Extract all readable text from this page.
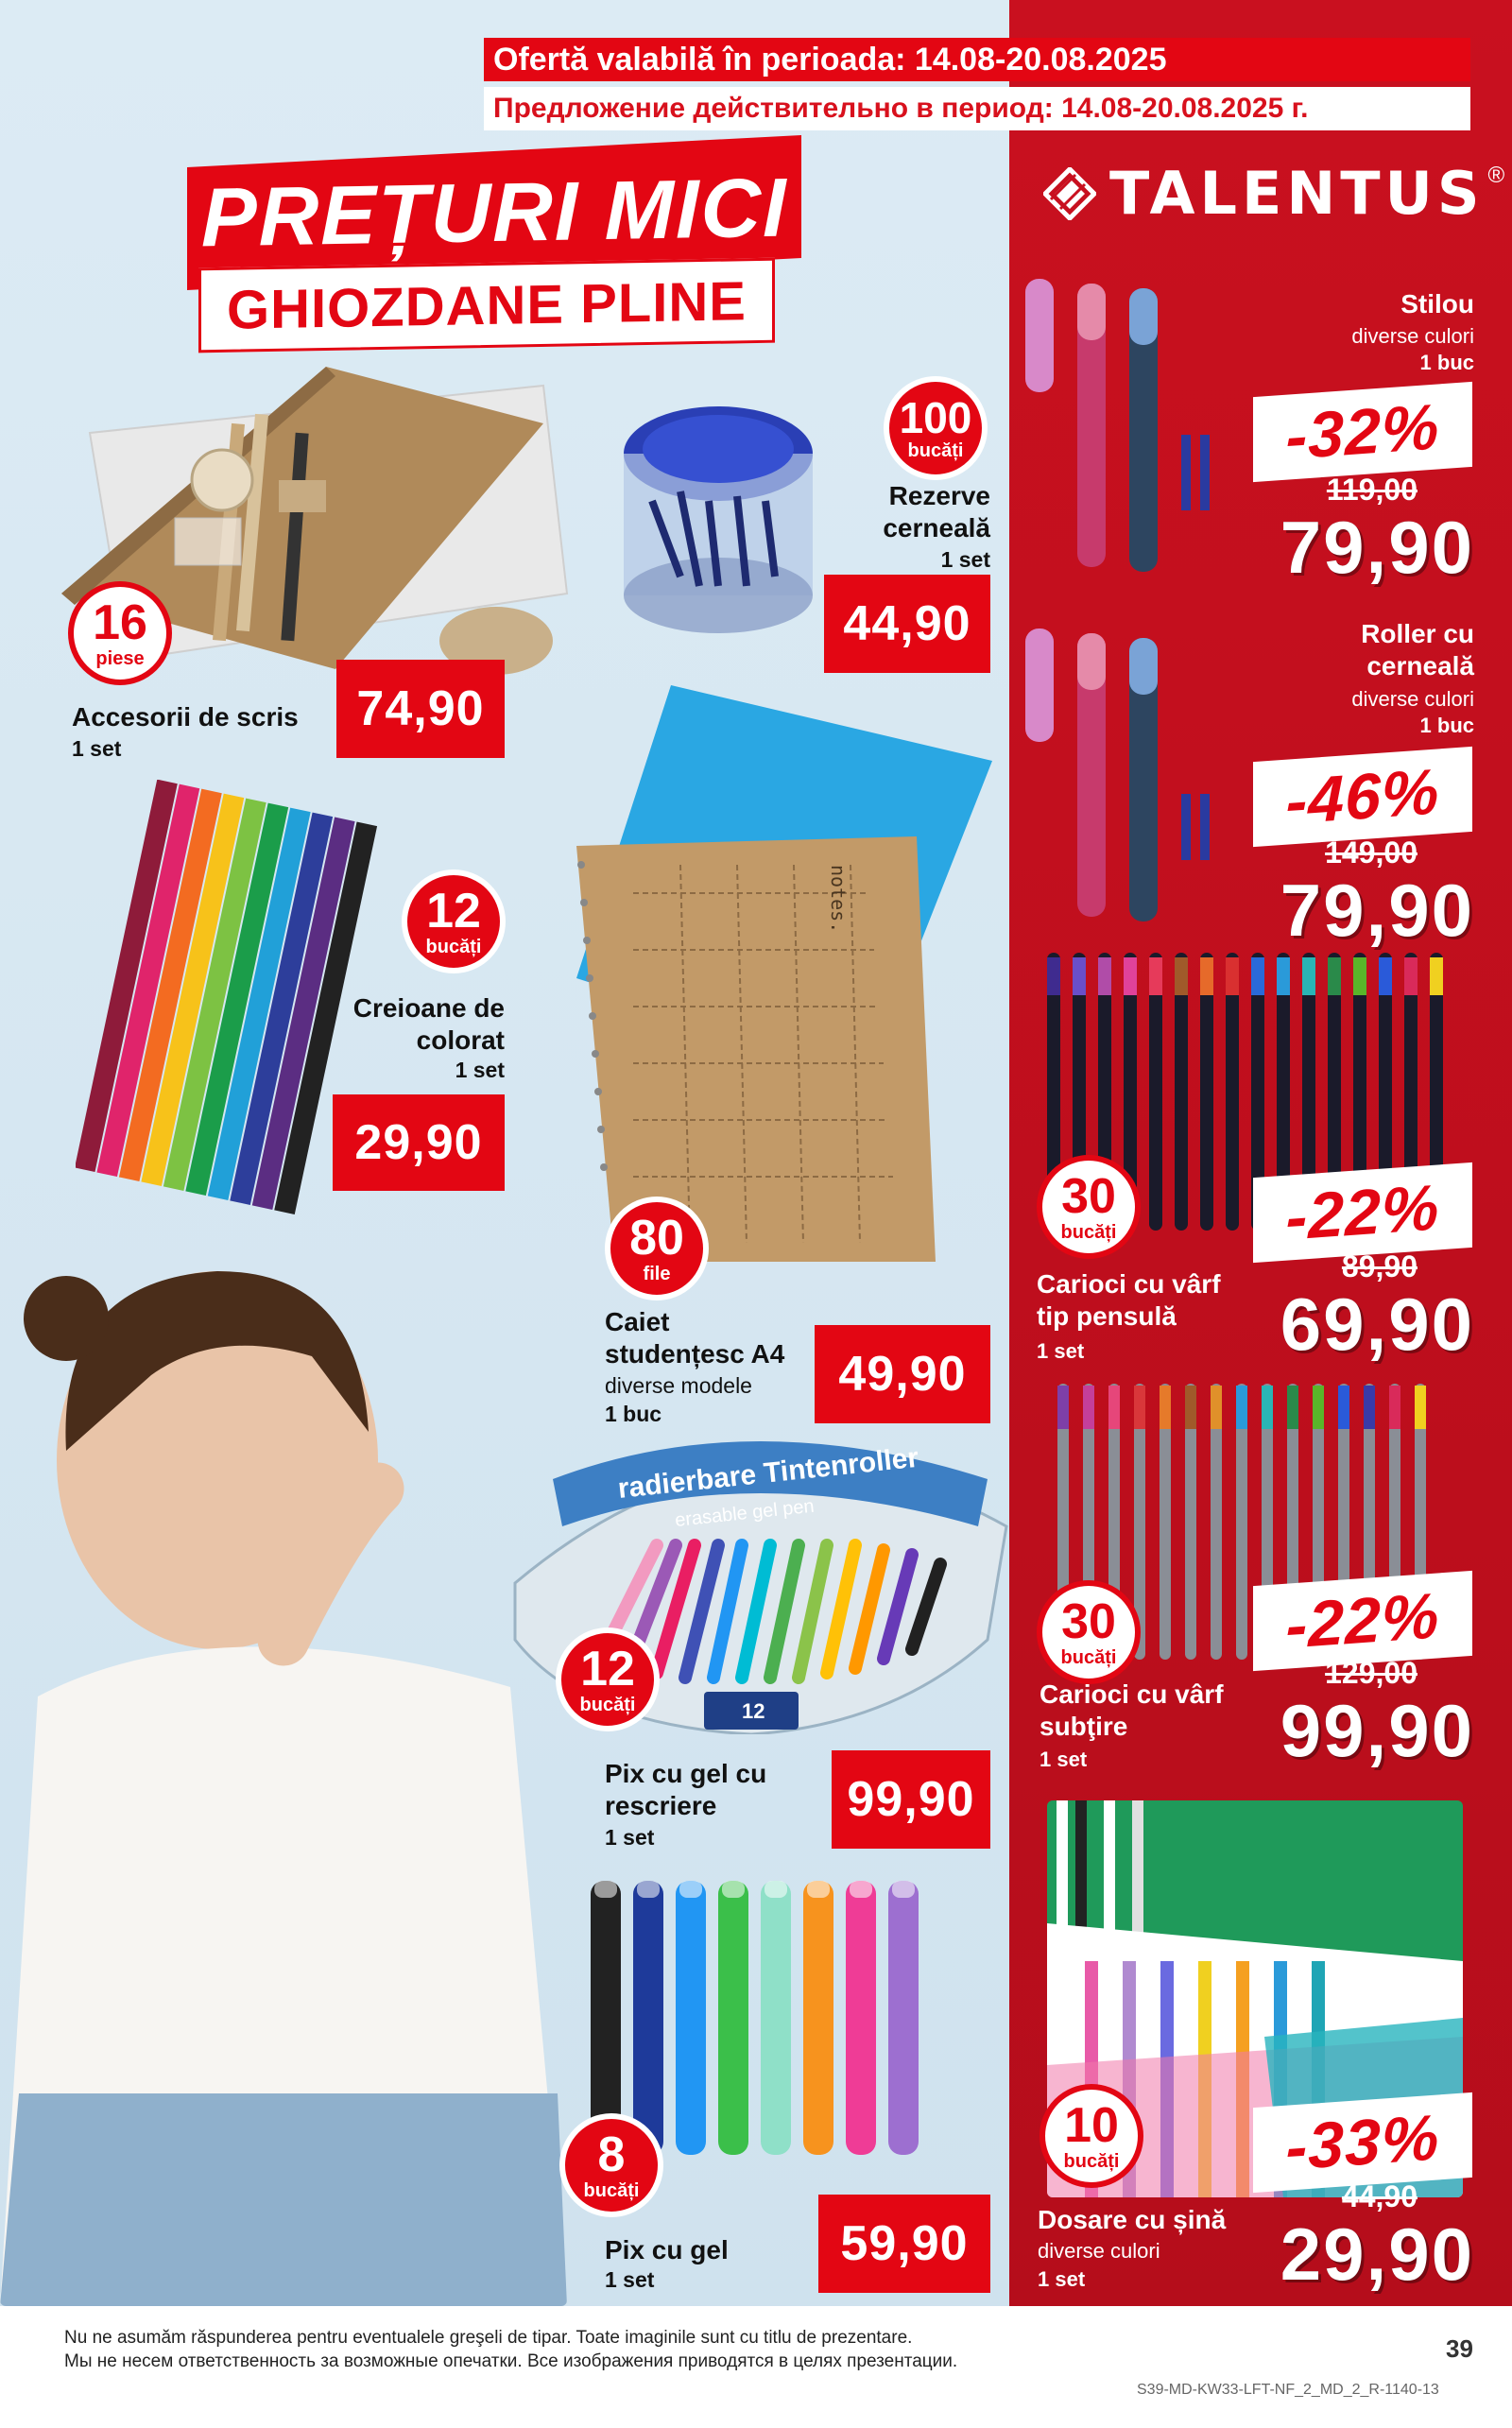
Ofertă valabilă în perioada: 14.08-20.08.2025
Предложение действительно в период: 14.08-20.08.2025 г.
PREȚURI MICI
GHIOZDANE PLINE
TALENTUS ®
16
piese
Accesorii de scris
1 set
74,90
100
bucăți
Rezerve cerneală
1 set
44,90
12
bucăți
Creioane de colorat
1 set
29,90
notes.
80
file
Caiet studențesc A4
diverse modele
1 buc
49,90
radierbare Tintenroller
erasable gel pen
12
12
bucăți
Pix cu gel cu rescriere
1 set
99,90
8
bucăți
Pix cu gel
1 set
59,90
Stilou
diverse culori
1 buc
-32%
119,00
79,90
Roller cu cerneală
diverse culori
1 buc
-46%
149,00
79,90
30
bucăți
Carioci cu vârf tip pensulă
1 set
-22%
89,90
69,90
30
bucăți
Carioci cu vârf subţire
1 set
-22%
129,00
99,90
10
bucăți
Dosare cu șină
diverse culori
1 set
-33%
44,90
29,90
Nu ne asumăm răspunderea pentru eventualele greşeli de tipar. Toate imaginile sunt cu titlu de prezentare.
Мы не несем ответственность за возможные опечатки. Все изображения приводятся в целях презентации.	39
S39-MD-KW33-LFT-NF_2_MD_2_R-1140-13
